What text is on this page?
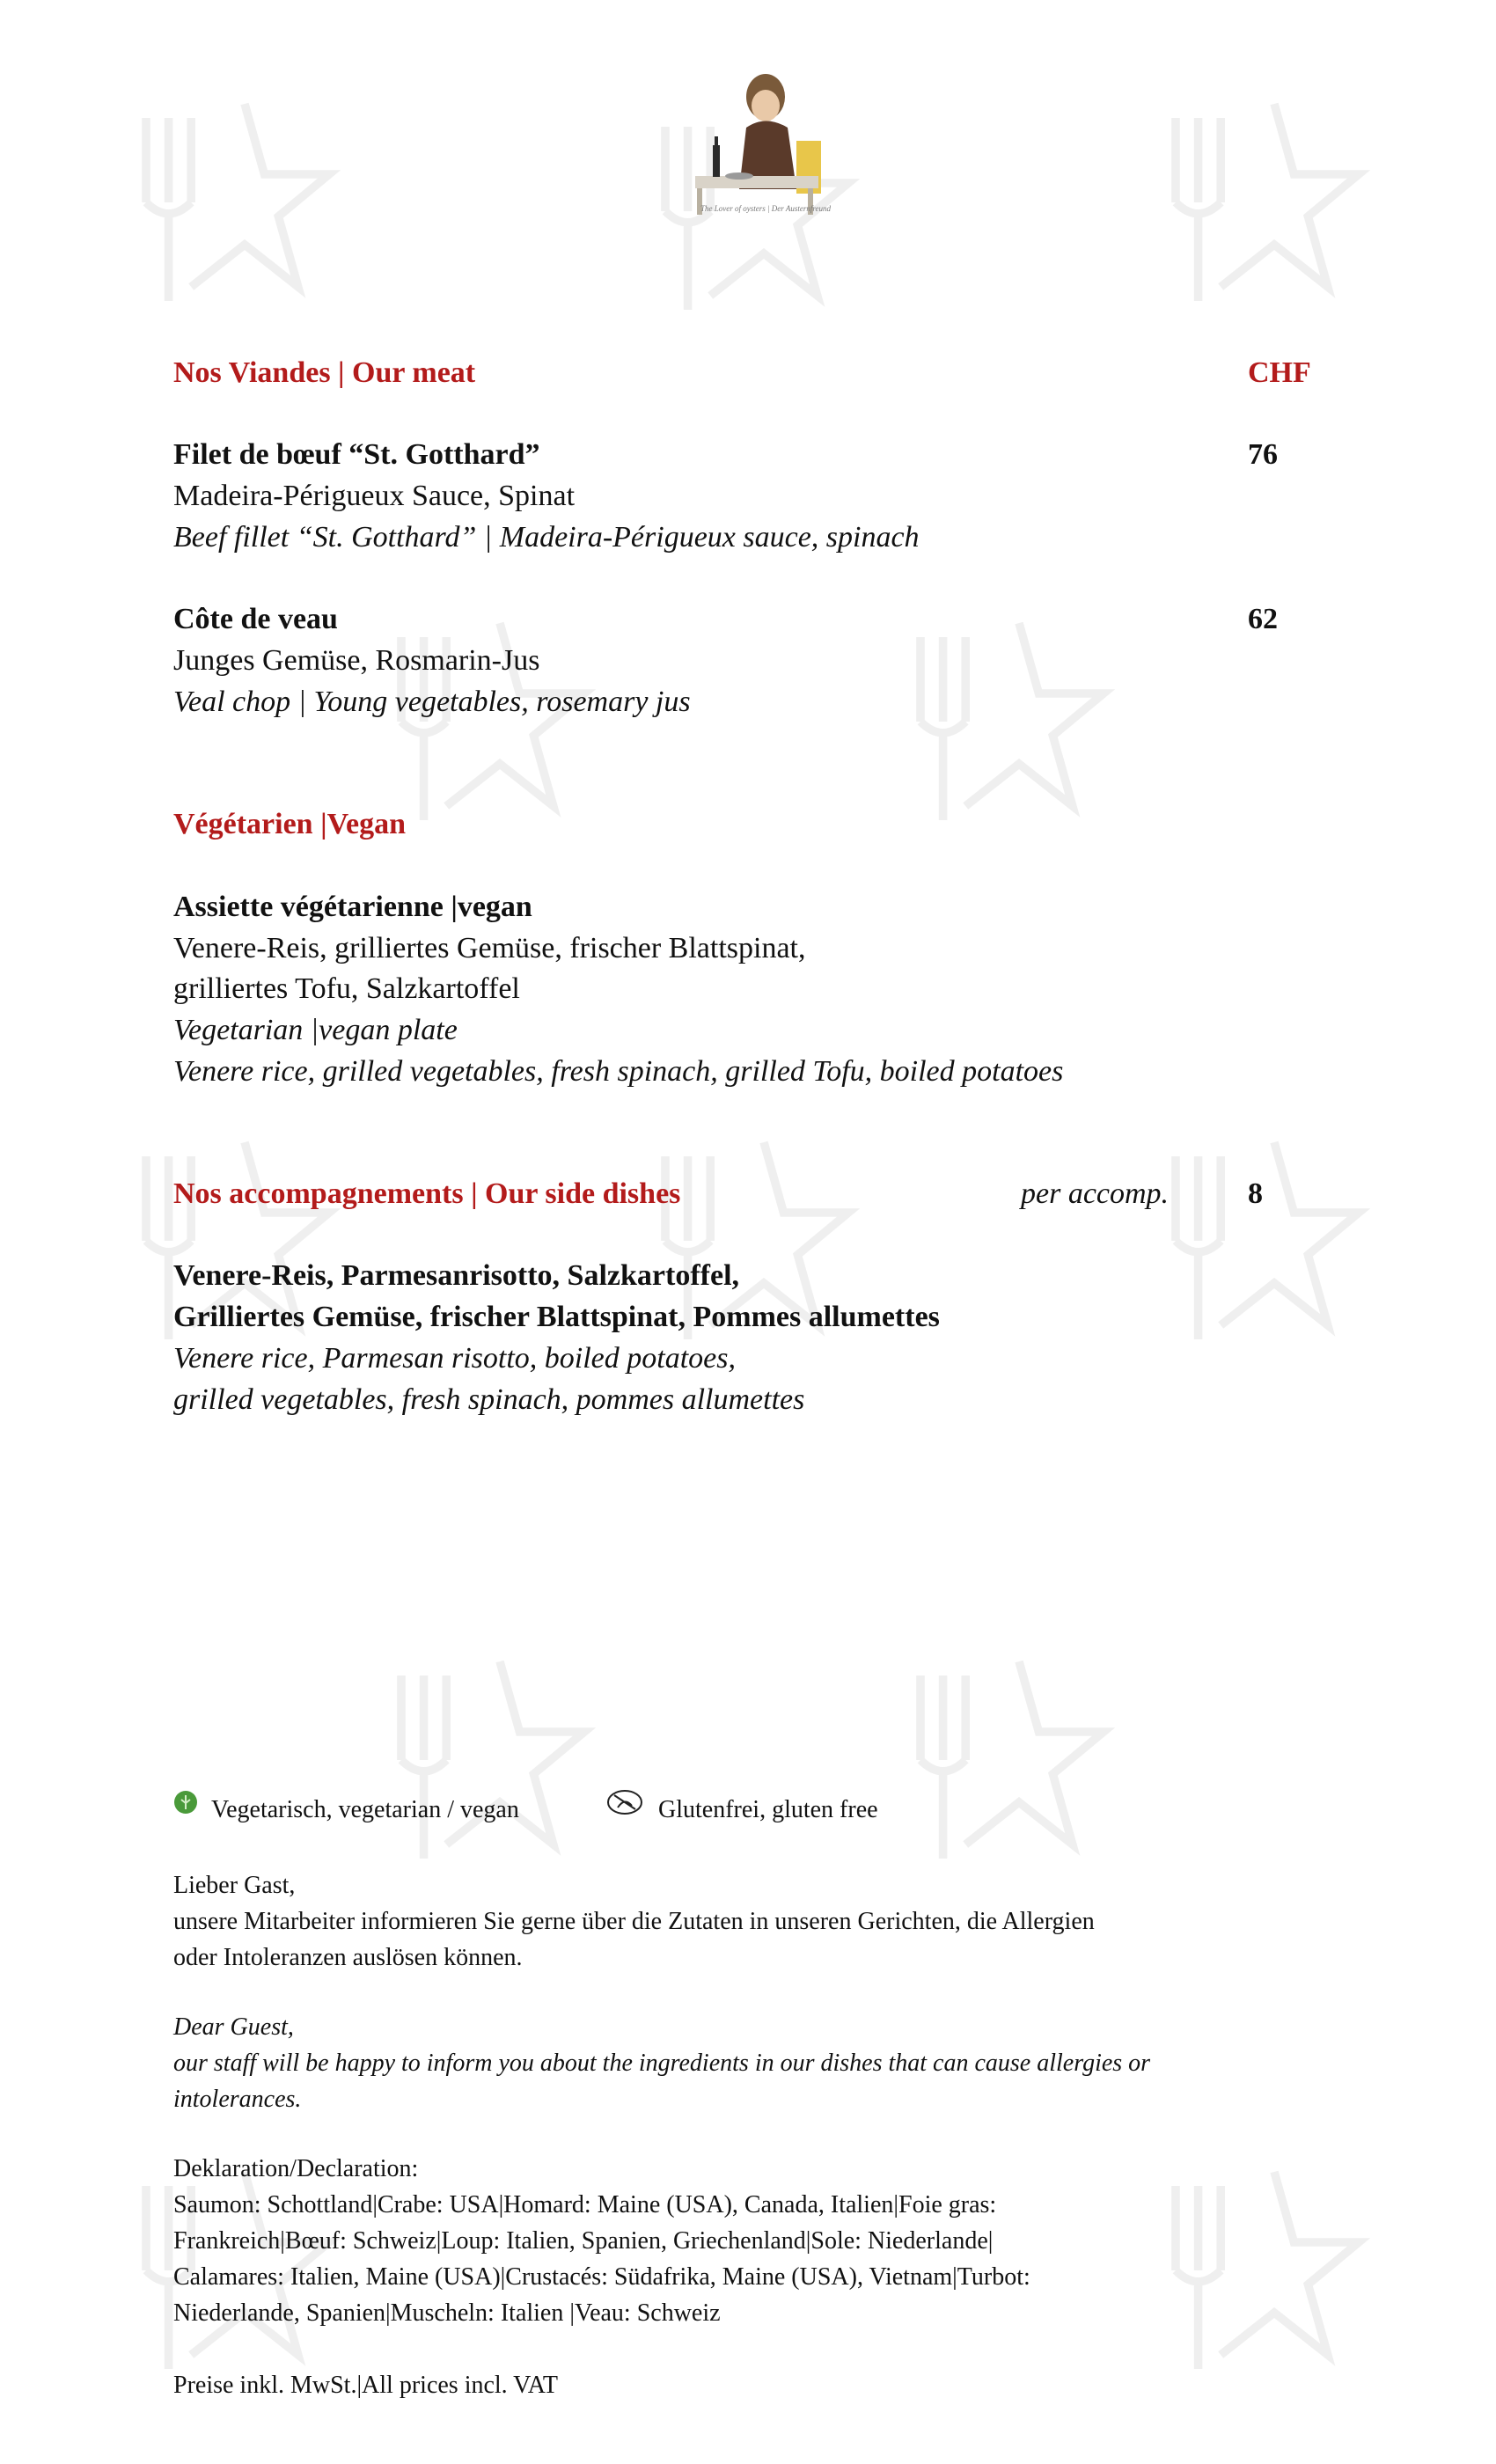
The Lover of oysters | Der Austernfreund
Nos Viandes | Our meat	CHF
Filet de bœuf “St. Gotthard”	76
Madeira-Périgueux Sauce, Spinat
Beef fillet “St. Gotthard” | Madeira-Périgueux sauce, spinach
Côte de veau	62
Junges Gemüse, Rosmarin-Jus
Veal chop | Young vegetables, rosemary jus
Végétarien |Vegan
Assiette végétarienne |vegan
Venere-Reis, grilliertes Gemüse, frischer Blattspinat,
grilliertes Tofu, Salzkartoffel
Vegetarian |vegan plate
Venere rice, grilled vegetables, fresh spinach, grilled Tofu, boiled potatoes
Nos accompagnements | Our side dishes	per accomp.	8
Venere-Reis, Parmesanrisotto, Salzkartoffel,
Grilliertes Gemüse, frischer Blattspinat, Pommes allumettes
Venere rice, Parmesan risotto, boiled potatoes,
grilled vegetables, fresh spinach, pommes allumettes
Vegetarisch, vegetarian / vegan	Glutenfrei, gluten free
Lieber Gast,
unsere Mitarbeiter informieren Sie gerne über die Zutaten in unseren Gerichten, die Allergien
oder Intoleranzen auslösen können.
Dear Guest,
our staff will be happy to inform you about the ingredients in our dishes that can cause allergies or
intolerances.
Deklaration/Declaration:
Saumon: Schottland|Crabe: USA|Homard: Maine (USA), Canada, Italien|Foie gras:
Frankreich|Bœuf: Schweiz|Loup: Italien, Spanien, Griechenland|Sole: Niederlande|
Calamares: Italien, Maine (USA)|Crustacés: Südafrika, Maine (USA), Vietnam|Turbot:
Niederlande, Spanien|Muscheln: Italien |Veau: Schweiz
Preise inkl. MwSt.|All prices incl. VAT
